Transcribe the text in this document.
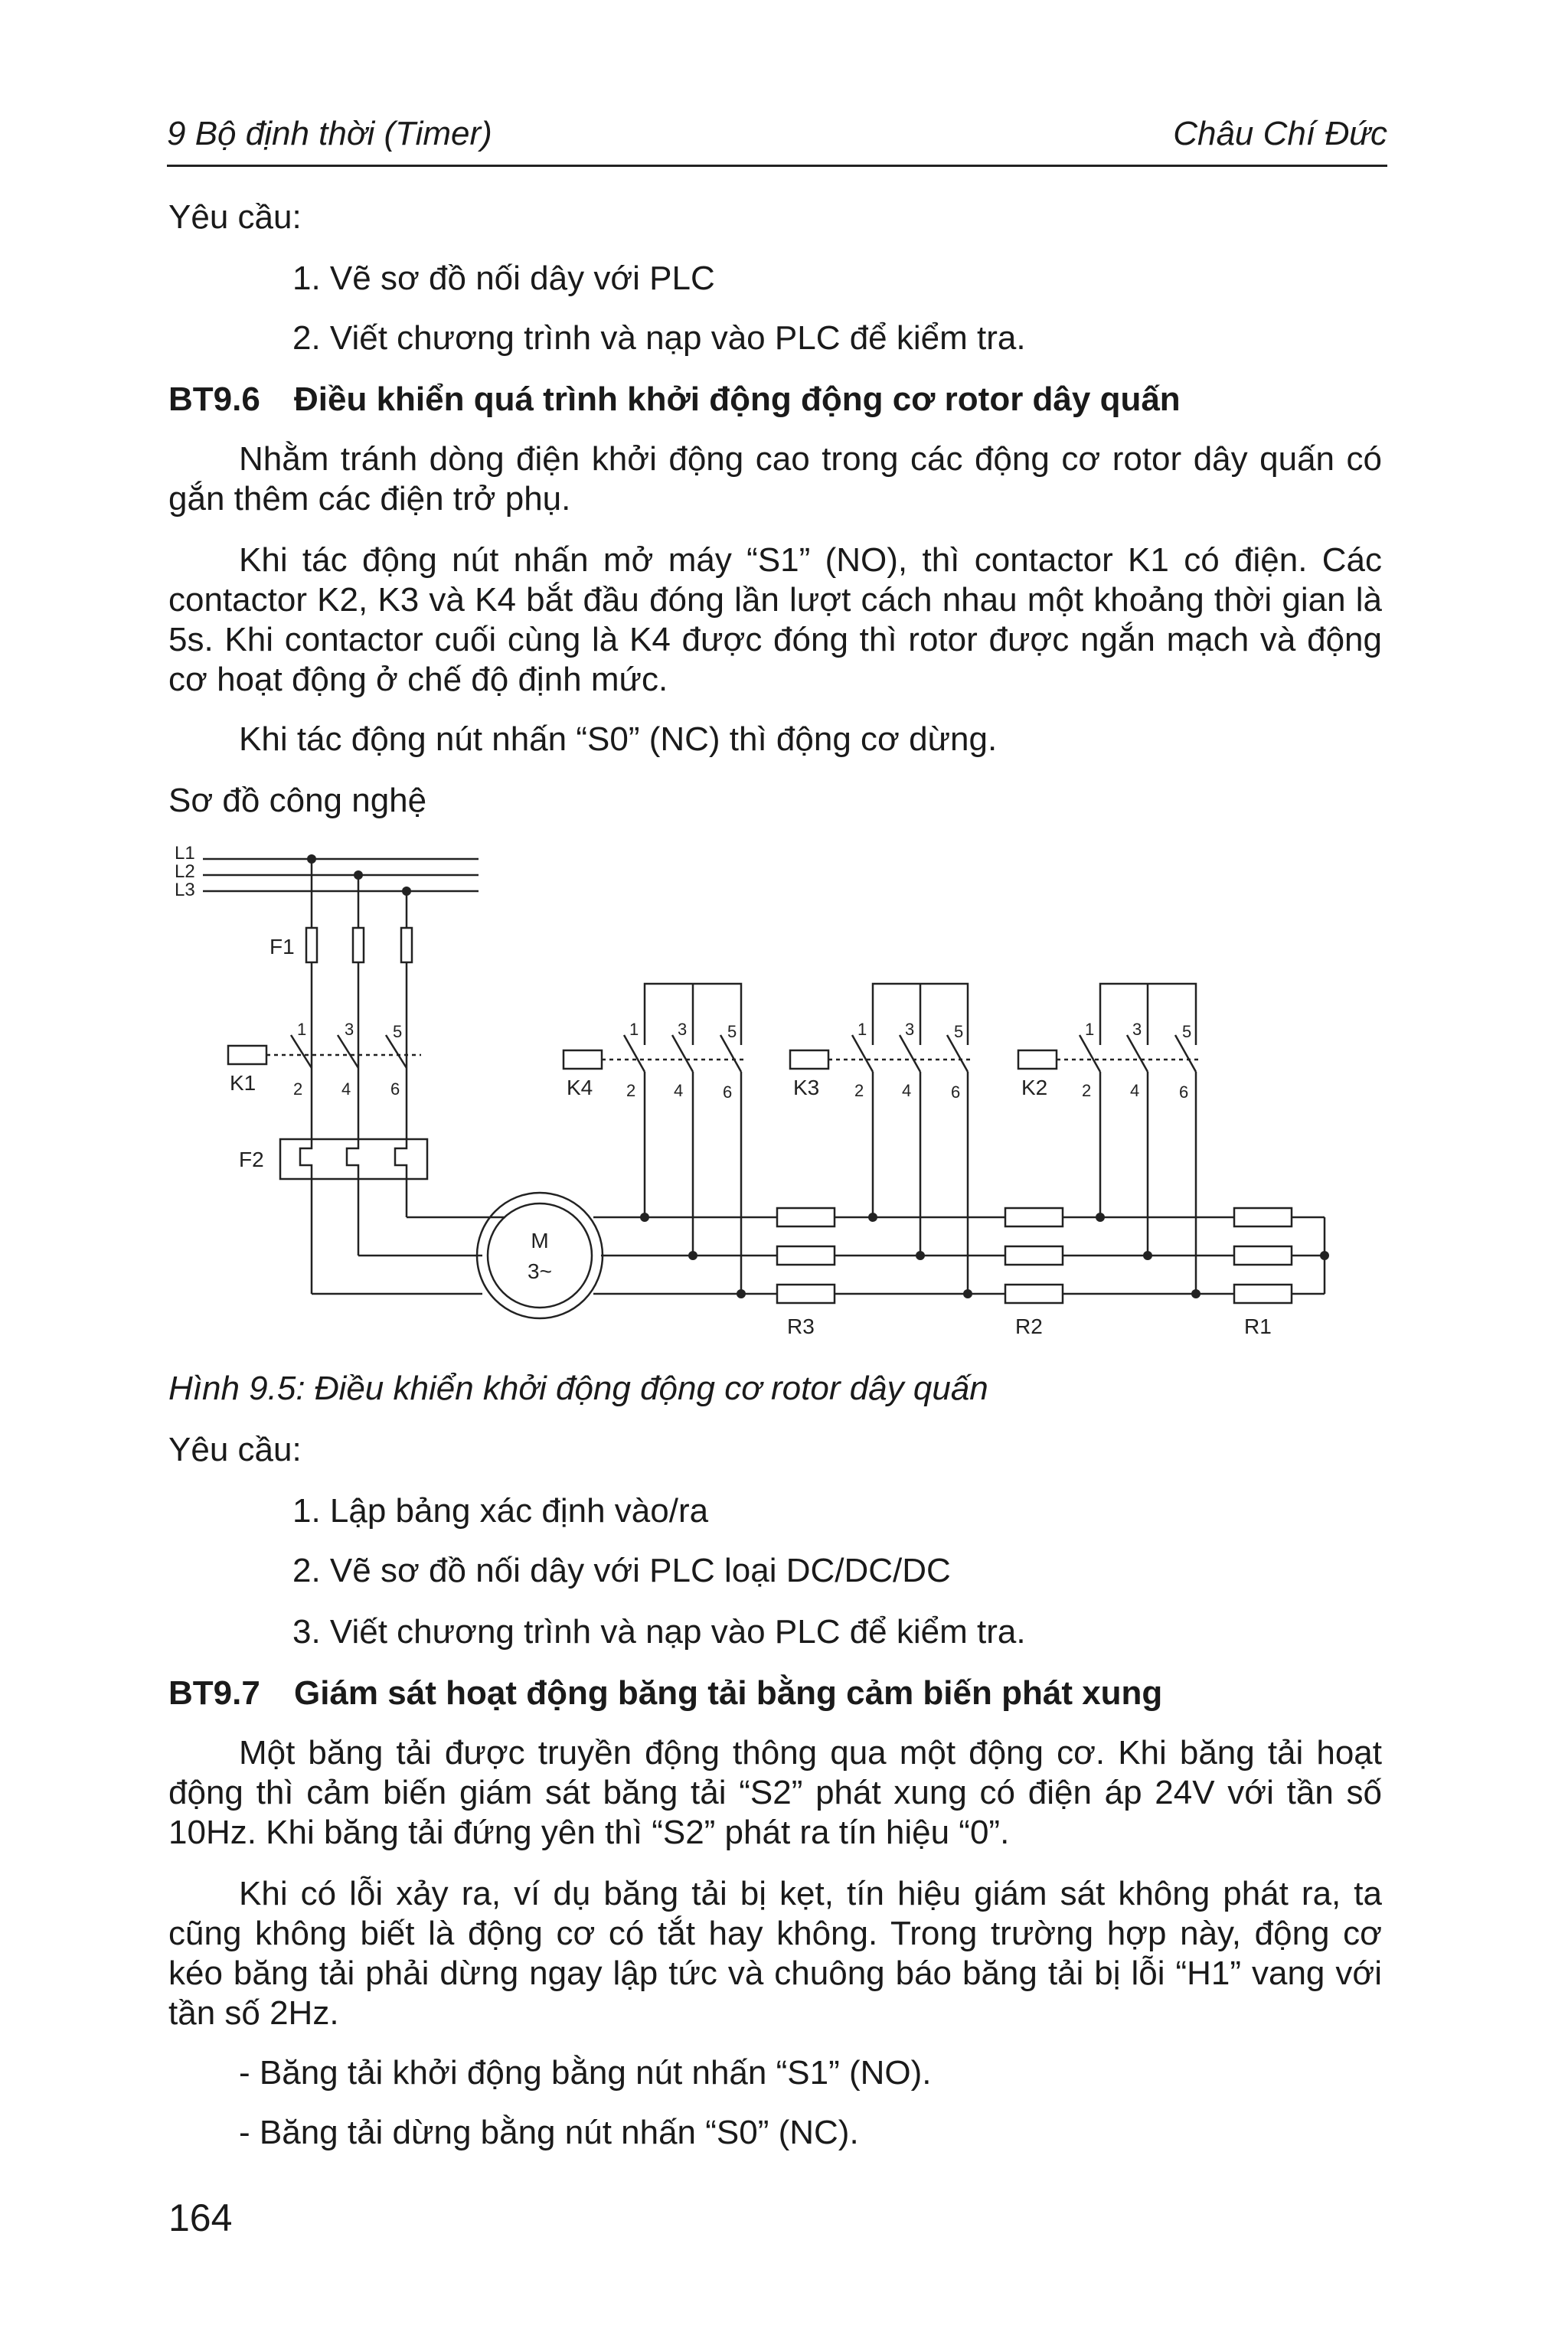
9 Bộ định thời (Timer)	Châu Chí Đức

Yêu cầu:

1. Vẽ sơ đồ nối dây với PLC

2. Viết chương trình và nạp vào PLC để kiểm tra.

BT9.6 Điều khiển quá trình khởi động động cơ rotor dây quấn

Nhằm tránh dòng điện khởi động cao trong các động cơ rotor dây quấn có gắn thêm các điện trở phụ.

Khi tác động nút nhấn mở máy “S1” (NO), thì contactor K1 có điện. Các contactor K2, K3 và K4 bắt đầu đóng lần lượt cách nhau một khoảng thời gian là 5s. Khi contactor cuối cùng là K4 được đóng thì rotor được ngắn mạch và động cơ hoạt động ở chế độ định mức.

Khi tác động nút nhấn “S0” (NC) thì động cơ dừng.

Sơ đồ công nghệ

L1
L2
L3
F1
F2
K1	K4	K3	K2
R3	R2	R1
M
3~
1 3 5
2 4 6
1 3 5
2 4 6
1 3 5
2 4 6
1 3 5
2 4 6

Hình 9.5: Điều khiển khởi động động cơ rotor dây quấn

Yêu cầu:

1. Lập bảng xác định vào/ra

2. Vẽ sơ đồ nối dây với PLC loại DC/DC/DC

3. Viết chương trình và nạp vào PLC để kiểm tra.

BT9.7 Giám sát hoạt động băng tải bằng cảm biến phát xung

Một băng tải được truyền động thông qua một động cơ. Khi băng tải hoạt động thì cảm biến giám sát băng tải “S2” phát xung có điện áp 24V với tần số 10Hz. Khi băng tải đứng yên thì “S2” phát ra tín hiệu “0”.

Khi có lỗi xảy ra, ví dụ băng tải bị kẹt, tín hiệu giám sát không phát ra, ta cũng không biết là động cơ có tắt hay không. Trong trường hợp này, động cơ kéo băng tải phải dừng ngay lập tức và chuông báo băng tải bị lỗi “H1” vang với tần số 2Hz.

- Băng tải khởi động bằng nút nhấn “S1” (NO).

- Băng tải dừng bằng nút nhấn “S0” (NC).

164
